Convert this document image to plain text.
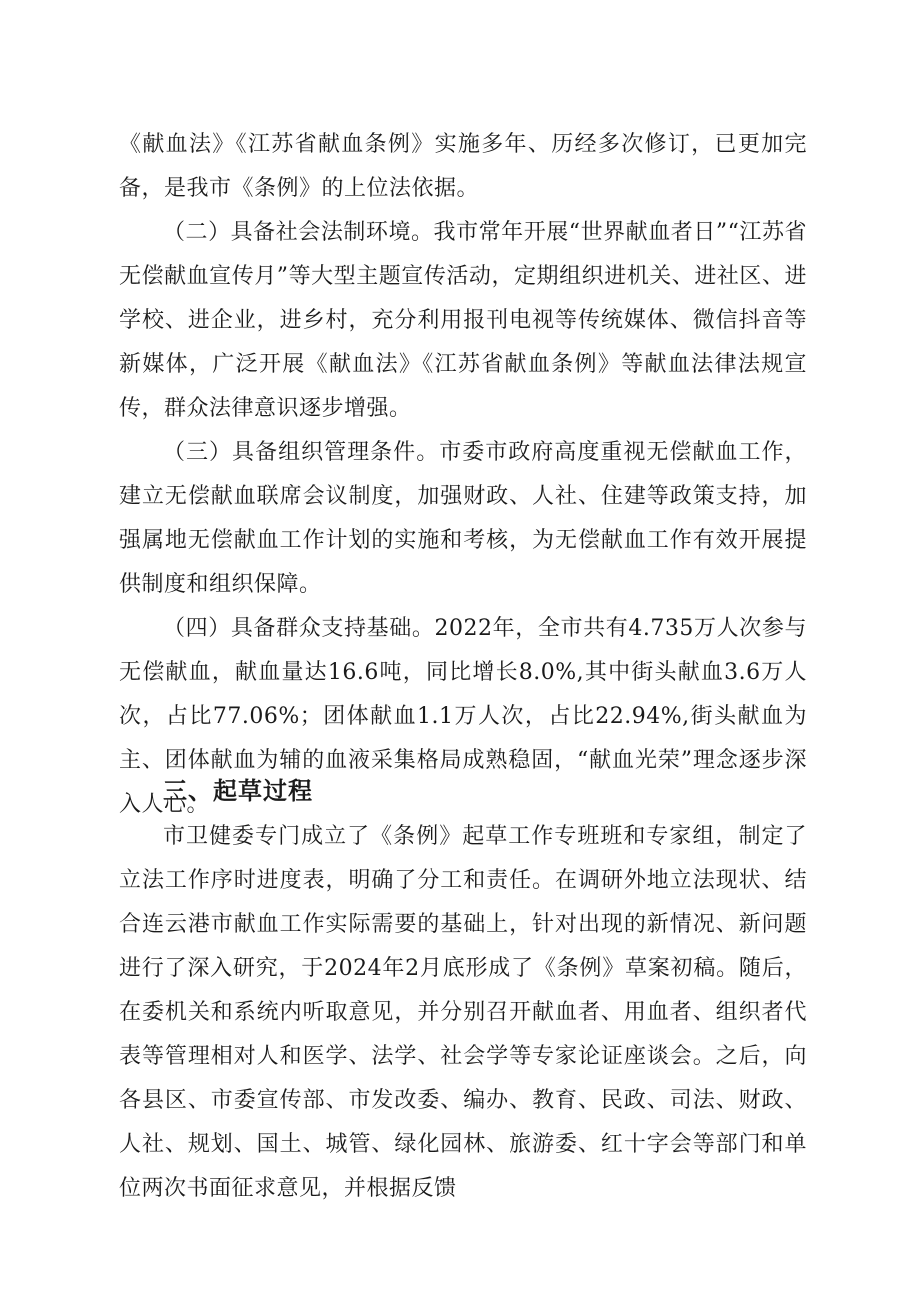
《献血法》《江苏省献血条例》实施多年、历经多次修订，已更加完备，是我市《条例》的上位法依据。

（二）具备社会法制环境。我市常年开展“世界献血者日”“江苏省无偿献血宣传月”等大型主题宣传活动，定期组织进机关、进社区、进学校、进企业，进乡村，充分利用报刊电视等传统媒体、微信抖音等新媒体，广泛开展《献血法》《江苏省献血条例》等献血法律法规宣传，群众法律意识逐步增强。

（三）具备组织管理条件。市委市政府高度重视无偿献血工作，建立无偿献血联席会议制度，加强财政、人社、住建等政策支持，加强属地无偿献血工作计划的实施和考核，为无偿献血工作有效开展提供制度和组织保障。

（四）具备群众支持基础。2022年，全市共有4.735万人次参与无偿献血，献血量达16.6吨，同比增长8.0%,其中街头献血3.6万人次，占比77.06%；团体献血1.1万人次，占比22.94%,街头献血为主、团体献血为辅的血液采集格局成熟稳固，“献血光荣”理念逐步深入人心。

三、起草过程

市卫健委专门成立了《条例》起草工作专班班和专家组，制定了立法工作序时进度表，明确了分工和责任。在调研外地立法现状、结合连云港市献血工作实际需要的基础上，针对出现的新情况、新问题进行了深入研究，于2024年2月底形成了《条例》草案初稿。随后，在委机关和系统内听取意见，并分别召开献血者、用血者、组织者代表等管理相对人和医学、法学、社会学等专家论证座谈会。之后，向各县区、市委宣传部、市发改委、编办、教育、民政、司法、财政、人社、规划、国土、城管、绿化园林、旅游委、红十字会等部门和单位两次书面征求意见，并根据反馈
